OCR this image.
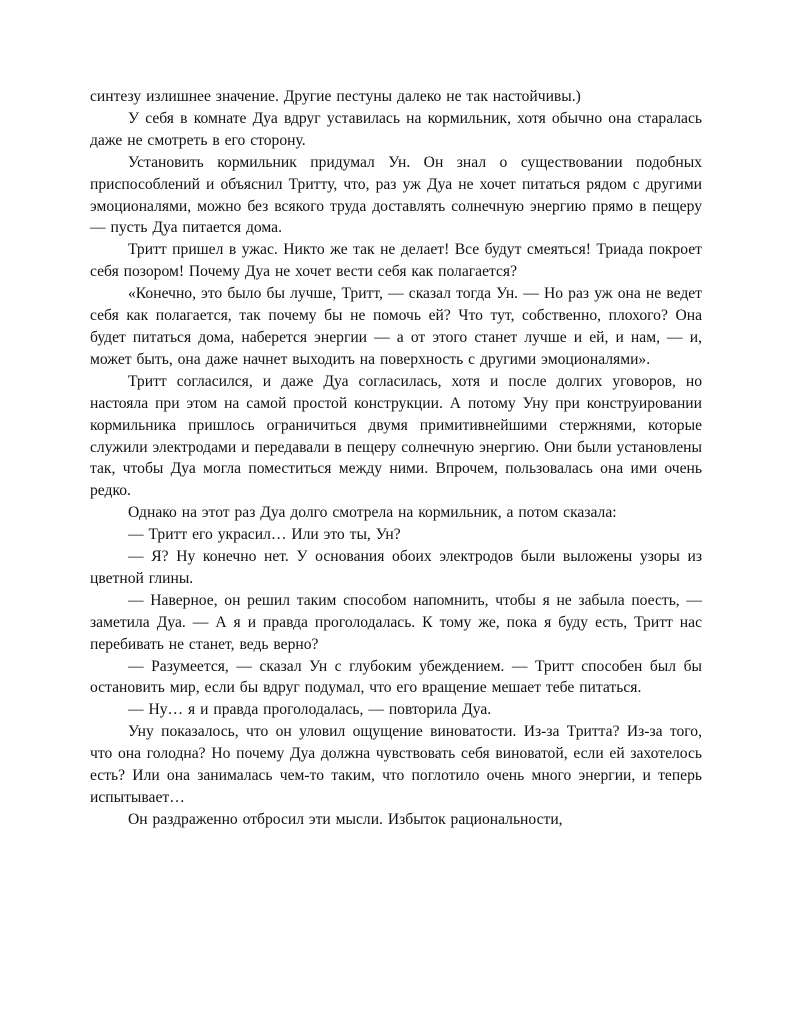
синтезу излишнее значение. Другие пестуны далеко не так настойчивы.)

У себя в комнате Дуа вдруг уставилась на кормильник, хотя обычно она старалась даже не смотреть в его сторону.

Установить кормильник придумал Ун. Он знал о существовании подобных приспособлений и объяснил Тритту, что, раз уж Дуа не хочет питаться рядом с другими эмоционалями, можно без всякого труда доставлять солнечную энергию прямо в пещеру — пусть Дуа питается дома.

Тритт пришел в ужас. Никто же так не делает! Все будут смеяться! Триада покроет себя позором! Почему Дуа не хочет вести себя как полагается?

«Конечно, это было бы лучше, Тритт, — сказал тогда Ун. — Но раз уж она не ведет себя как полагается, так почему бы не помочь ей? Что тут, собственно, плохого? Она будет питаться дома, наберется энергии — а от этого станет лучше и ей, и нам, — и, может быть, она даже начнет выходить на поверхность с другими эмоционалями».

Тритт согласился, и даже Дуа согласилась, хотя и после долгих уговоров, но настояла при этом на самой простой конструкции. А потому Уну при конструировании кормильника пришлось ограничиться двумя примитивнейшими стержнями, которые служили электродами и передавали в пещеру солнечную энергию. Они были установлены так, чтобы Дуа могла поместиться между ними. Впрочем, пользовалась она ими очень редко.

Однако на этот раз Дуа долго смотрела на кормильник, а потом сказала:

— Тритт его украсил… Или это ты, Ун?

— Я? Ну конечно нет. У основания обоих электродов были выложены узоры из цветной глины.

— Наверное, он решил таким способом напомнить, чтобы я не забыла поесть, — заметила Дуа. — А я и правда проголодалась. К тому же, пока я буду есть, Тритт нас перебивать не станет, ведь верно?

— Разумеется, — сказал Ун с глубоким убеждением. — Тритт способен был бы остановить мир, если бы вдруг подумал, что его вращение мешает тебе питаться.

— Ну… я и правда проголодалась, — повторила Дуа.

Уну показалось, что он уловил ощущение виноватости. Из-за Тритта? Из-за того, что она голодна? Но почему Дуа должна чувствовать себя виноватой, если ей захотелось есть? Или она занималась чем-то таким, что поглотило очень много энергии, и теперь испытывает…

Он раздраженно отбросил эти мысли. Избыток рациональности,
